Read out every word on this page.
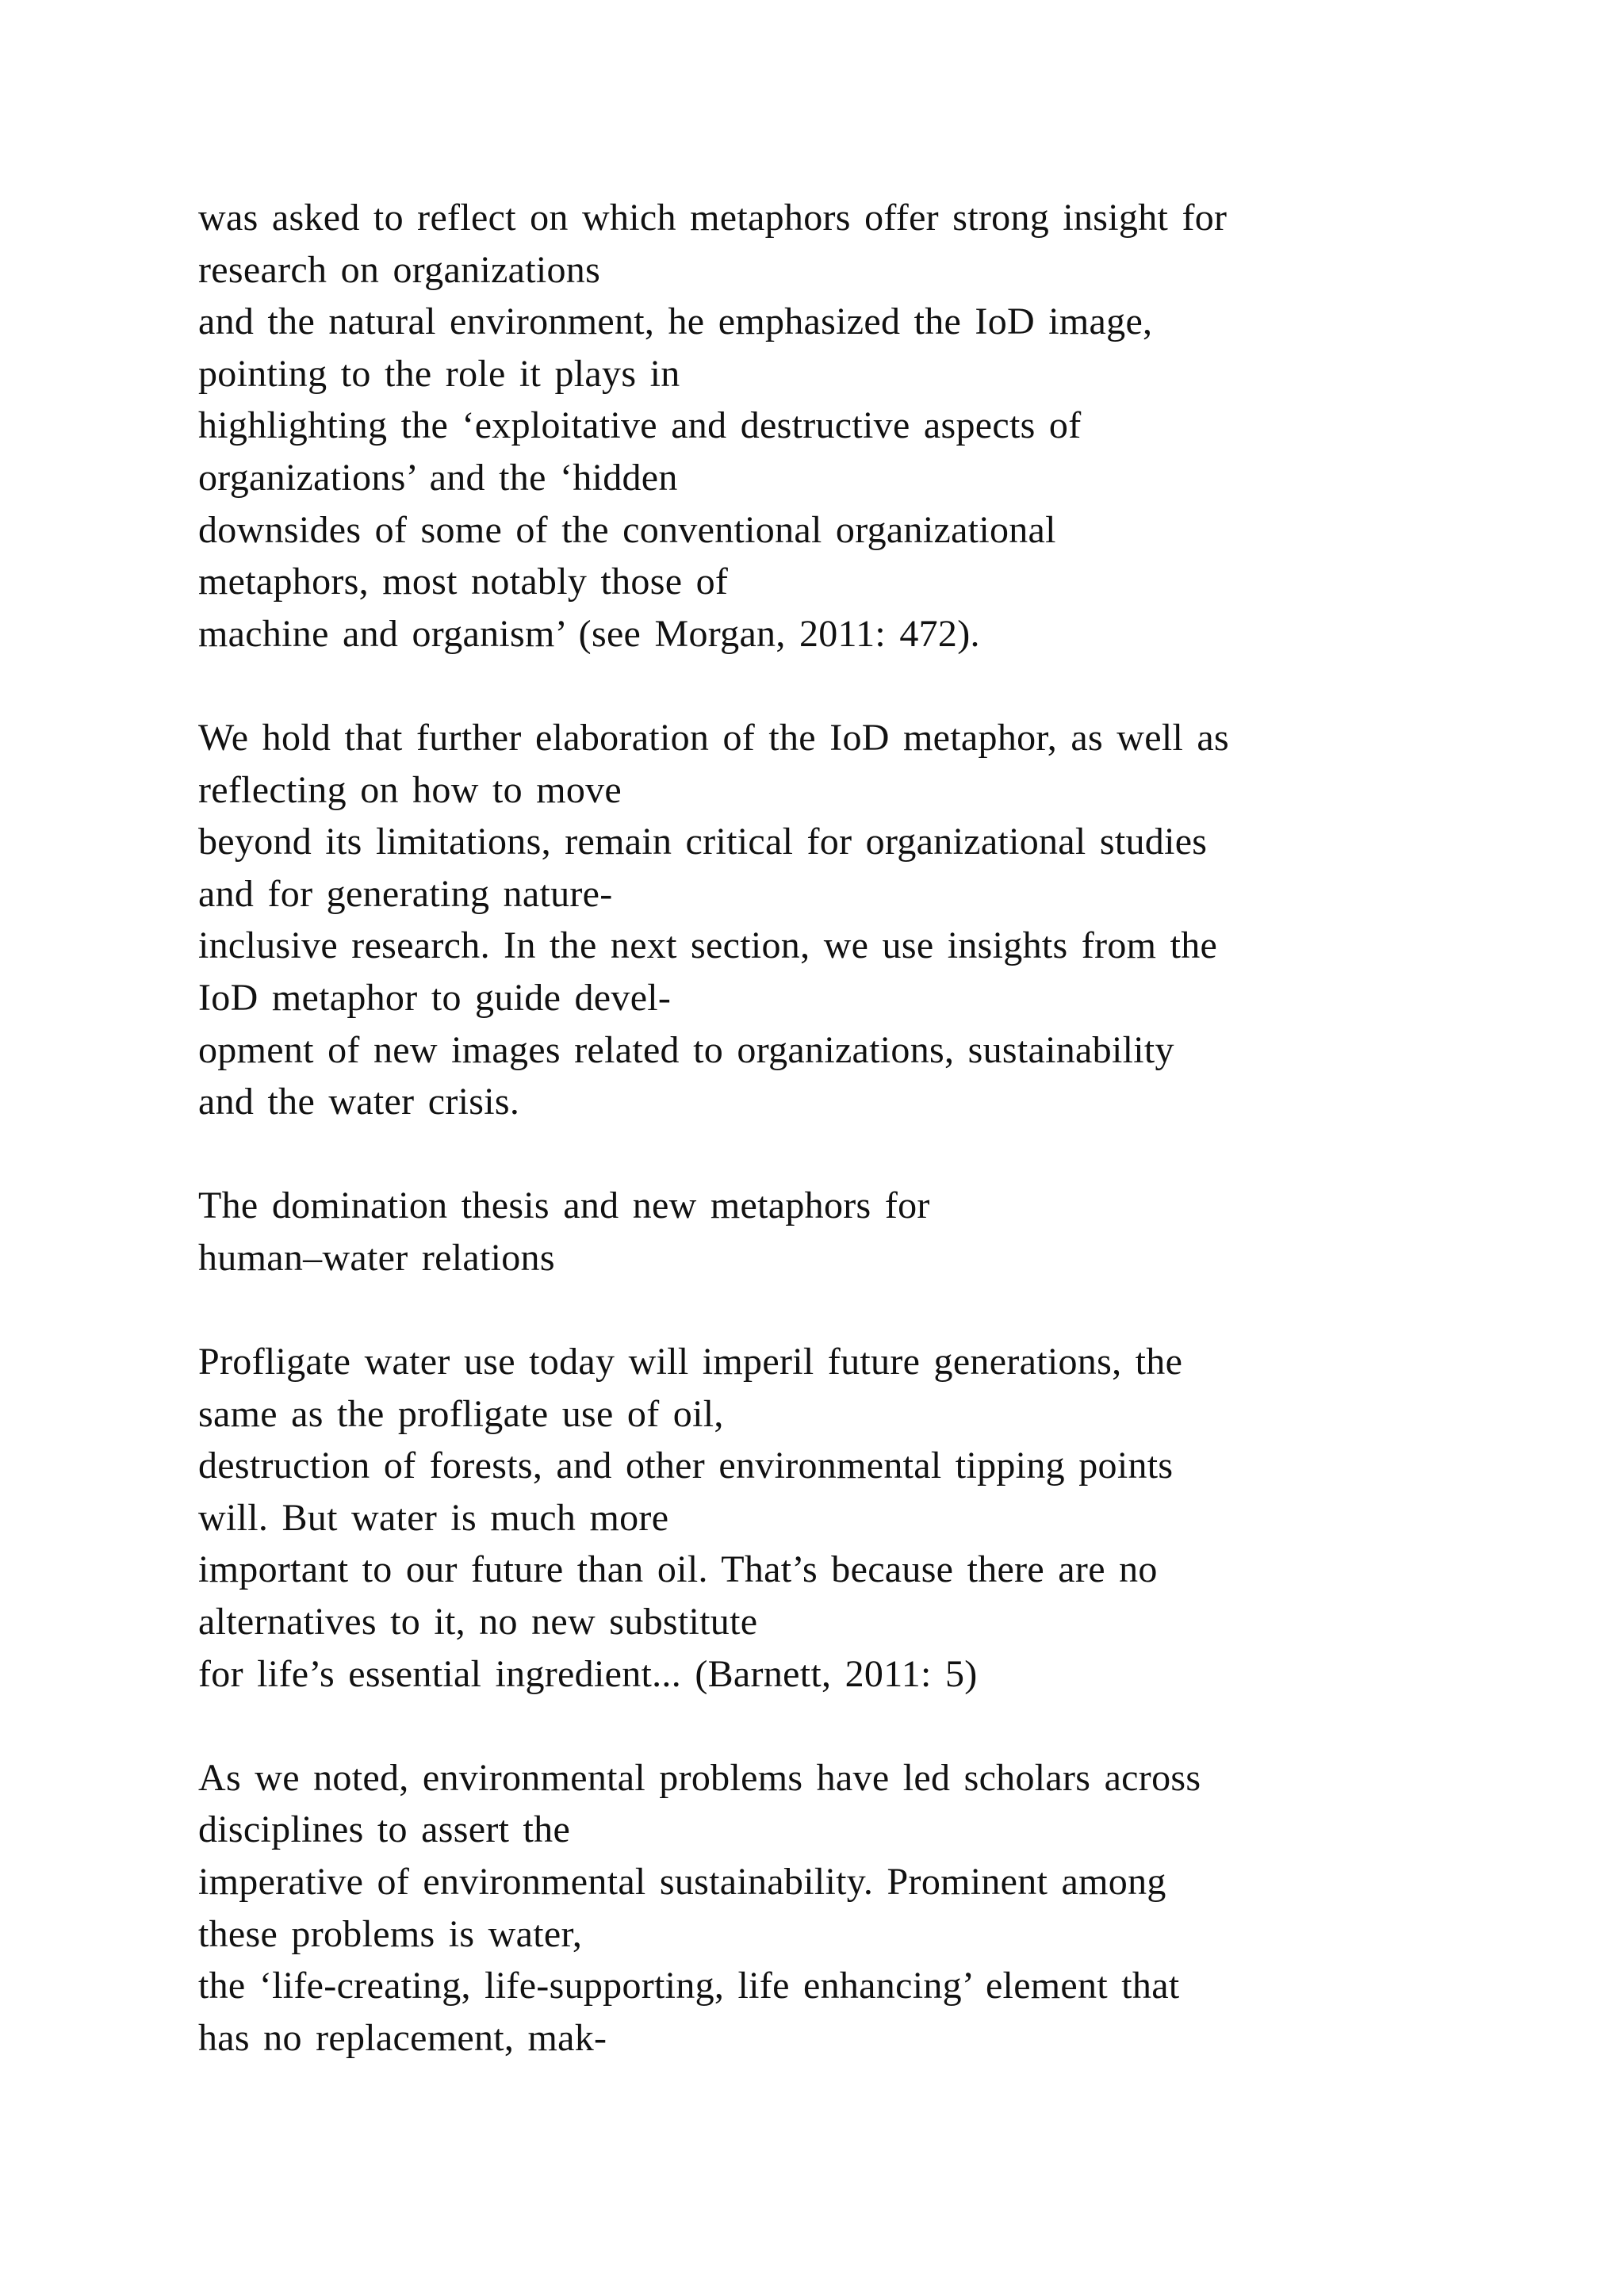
was asked to reflect on which metaphors offer strong insight for
research on organizations
and the natural environment, he emphasized the IoD image,
pointing to the role it plays in
highlighting the ‘exploitative and destructive aspects of
organizations’ and the ‘hidden
downsides of some of the conventional organizational
metaphors, most notably those of
machine and organism’ (see Morgan, 2011: 472).
We hold that further elaboration of the IoD metaphor, as well as
reflecting on how to move
beyond its limitations, remain critical for organizational studies
and for generating nature-
inclusive research. In the next section, we use insights from the
IoD metaphor to guide devel-
opment of new images related to organizations, sustainability
and the water crisis.
The domination thesis and new metaphors for
human–water relations
Profligate water use today will imperil future generations, the
same as the profligate use of oil,
destruction of forests, and other environmental tipping points
will. But water is much more
important to our future than oil. That’s because there are no
alternatives to it, no new substitute
for life’s essential ingredient... (Barnett, 2011: 5)
As we noted, environmental problems have led scholars across
disciplines to assert the
imperative of environmental sustainability. Prominent among
these problems is water,
the ‘life-creating, life-supporting, life enhancing’ element that
has no replacement, mak-
